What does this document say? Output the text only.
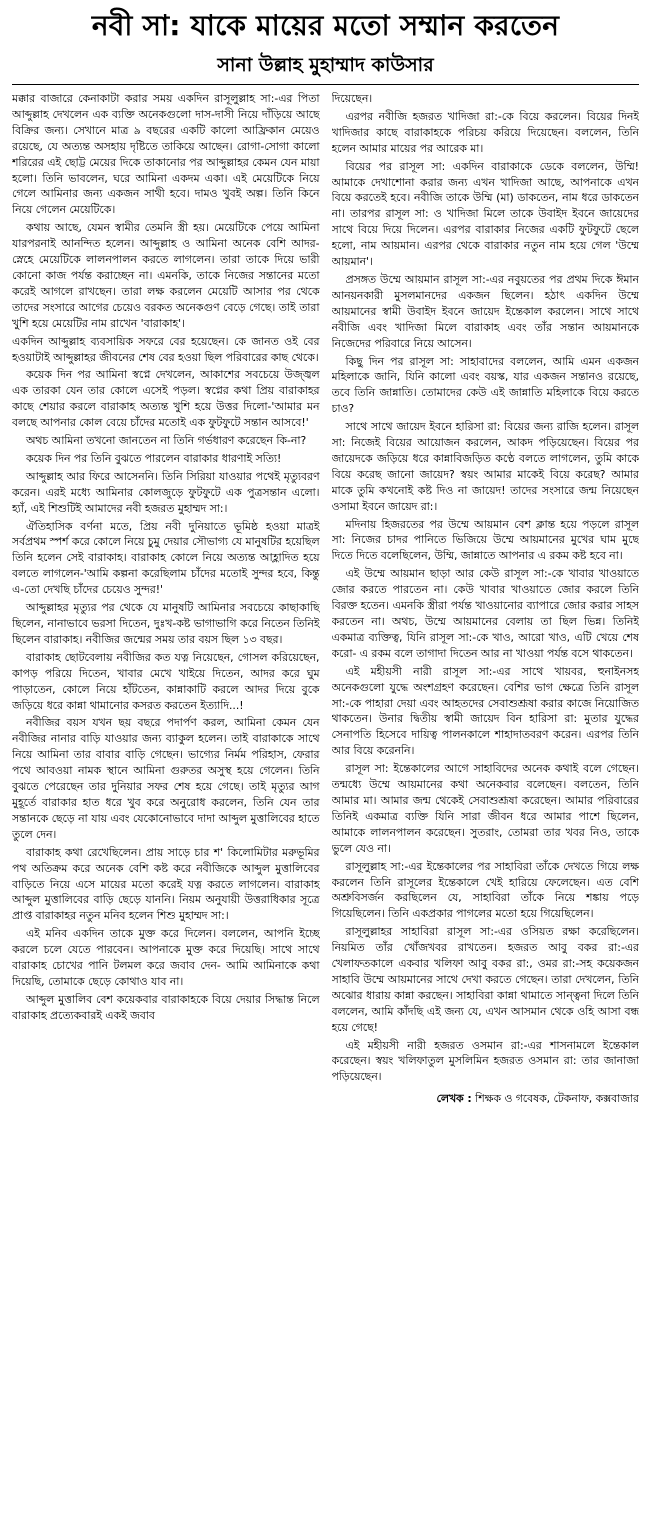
নবী সা: যাকে মায়ের মতো সম্মান করতেন
সানা উল্লাহ মুহাম্মাদ কাউসার

মক্কার বাজারে কেনাকাটা করার সময় একদিন রাসূলুল্লাহ সা:-এর পিতা আব্দুল্লাহ দেখলেন এক ব্যক্তি অনেকগুলো দাস-দাসী নিয়ে দাঁড়িয়ে আছে বিক্রির জন্য। সেখানে মাত্র ৯ বছরের একটি কালো আফ্রিকান মেয়েও রয়েছে, যে অত্যন্ত অসহায় দৃষ্টিতে তাকিয়ে আছেন। রোগা-সোগা কালো শরিরের এই ছোট্ট মেয়ের দিকে তাকানোর পর আব্দুল্লাহর কেমন যেন মায়া হলো। তিনি ভাবলেন, ঘরে আমিনা একদম একা। এই মেয়েটিকে নিয়ে গেলে আমিনার জন্য একজন সাথী হবে। দামও খুবই অল্প। তিনি কিনে নিয়ে গেলেন মেয়েটিকে।

কথায় আছে, যেমন স্বামীর তেমনি স্ত্রী হয়। মেয়েটিকে পেয়ে আমিনা যারপরনাই আনন্দিত হলেন। আব্দুল্লাহ ও আমিনা অনেক বেশি আদর-স্নেহে মেয়েটিকে লালনপালন করতে লাগলেন। তারা তাকে দিয়ে ভারী কোনো কাজ পর্যন্ত করাচ্ছেন না। এমনকি, তাকে নিজের সন্তানের মতো করেই আগলে রাখছেন। তারা লক্ষ করলেন মেয়েটি আসার পর থেকে তাদের সংসারে আগের চেয়েও বরকত অনেকগুণ বেড়ে গেছে। তাই তারা খুশি হয়ে মেয়েটির নাম রাখেন 'বারাকাহ'।

একদিন আব্দুল্লাহ ব্যবসায়িক সফরে বের হয়েছেন। কে জানত ওই বের হওয়াটাই আব্দুল্লাহর জীবনের শেষ বের হওয়া ছিল পরিবারের কাছ থেকে।

কয়েক দিন পর আমিনা স্বপ্নে দেখলেন, আকাশের সবচেয়ে উজ্জ্বল এক তারকা যেন তার কোলে এসেই পড়ল। স্বপ্নের কথা প্রিয় বারাকাহর কাছে শেয়ার করলে বারাকাহ অত্যন্ত খুশি হয়ে উত্তর দিলো-'আমার মন বলছে আপনার কোল বেয়ে চাঁদের মতোই এক ফুটফুটে সন্তান আসবে!'

অথচ আমিনা তখনো জানতেন না তিনি গর্ভধারণ করেছেন কি-না?

কয়েক দিন পর তিনি বুঝতে পারলেন বারাকার ধারণাই সত্যি!

আব্দুল্লাহ আর ফিরে আসেননি। তিনি সিরিয়া যাওয়ার পথেই মৃত্যুবরণ করেন। এরই মধ্যে আমিনার কোলজুড়ে ফুটফুটে এক পুত্রসন্তান এলো। হ্যাঁ, এই শিশুটিই আমাদের নবী হজরত মুহাম্মদ সা:।

ঐতিহাসিক বর্ণনা মতে, প্রিয় নবী দুনিয়াতে ভূমিষ্ঠ হওয়া মাত্রই সর্বপ্রথম স্পর্শ করে কোলে নিয়ে চুমু দেয়ার সৌভাগ্য যে মানুষটির হয়েছিল তিনি হলেন সেই বারাকাহ। বারাকাহ কোলে নিয়ে অত্যন্ত আহ্লাদিত হয়ে বলতে লাগলেন-'আমি কল্পনা করেছিলাম চাঁদের মতোই সুন্দর হবে, কিন্তু এ-তো দেখছি চাঁদের চেয়েও সুন্দর!'

আব্দুল্লাহর মৃত্যুর পর থেকে যে মানুষটি আমিনার সবচেয়ে কাছাকাছি ছিলেন, নানাভাবে ভরসা দিতেন, দুঃখ-কষ্ট ভাগাভাগি করে নিতেন তিনিই ছিলেন বারাকাহ। নবীজির জন্মের সময় তার বয়স ছিল ১৩ বছর।

বারাকাহ ছোটবেলায় নবীজির কত যত্ন নিয়েছেন, গোসল করিয়েছেন, কাপড় পরিয়ে দিতেন, খাবার মেখে খাইয়ে দিতেন, আদর করে ঘুম পাড়াতেন, কোলে নিয়ে হাঁটতেন, কান্নাকাটি করলে আদর দিয়ে বুকে জড়িয়ে ধরে কান্না থামানোর কসরত করতেন ইত্যাদি...!

নবীজির বয়স যখন ছয় বছরে পদার্পণ করল, আমিনা কেমন যেন নবীজির নানার বাড়ি যাওয়ার জন্য ব্যাকুল হলেন। তাই বারাকাকে সাথে নিয়ে আমিনা তার বাবার বাড়ি গেছেন। ভাগ্যের নির্মম পরিহাস, ফেরার পথে আবওয়া নামক স্থানে আমিনা গুরুতর অসুস্থ হয়ে গেলেন। তিনি বুঝতে পেরেছেন তার দুনিয়ার সফর শেষ হয়ে গেছে। তাই মৃত্যুর আগ মুহূর্তে বারাকার হাত ধরে খুব করে অনুরোধ করলেন, তিনি যেন তার সন্তানকে ছেড়ে না যায় এবং যেকোনোভাবে দাদা আব্দুল মুত্তালিবের হাতে তুলে দেন।

বারাকাহ কথা রেখেছিলেন। প্রায় সাড়ে চার শ' কিলোমিটার মরুভূমির পথ অতিক্রম করে অনেক বেশি কষ্ট করে নবীজিকে আব্দুল মুত্তালিবের বাড়িতে নিয়ে এসে মায়ের মতো করেই যত্ন করতে লাগলেন। বারাকাহ আব্দুল মুত্তালিবের বাড়ি ছেড়ে যাননি। নিয়ম অনুযায়ী উত্তরাধিকার সূত্রে প্রাপ্ত বারাকাহর নতুন মনিব হলেন শিশু মুহাম্মদ সা:।

এই মনিব একদিন তাকে মুক্ত করে দিলেন। বললেন, আপনি ইচ্ছে করলে চলে যেতে পারবেন। আপনাকে মুক্ত করে দিয়েছি। সাথে সাথে বারাকাহ চোখের পানি টলমল করে জবাব দেন- আমি আমিনাকে কথা দিয়েছি, তোমাকে ছেড়ে কোথাও যাব না।

আব্দুল মুত্তালিব বেশ কয়েকবার বারাকাহকে বিয়ে দেয়ার সিদ্ধান্ত নিলে বারাকাহ প্রত্যেকবারই একই জবাব

দিয়েছেন।

এরপর নবীজি হজরত খাদিজা রা:-কে বিয়ে করলেন। বিয়ের দিনই খাদিজার কাছে বারাকাহকে পরিচয় করিয়ে দিয়েছেন। বললেন, তিনি হলেন আমার মায়ের পর আরেক মা।

বিয়ের পর রাসূল সা: একদিন বারাকাকে ডেকে বললেন, উম্মি! আমাকে দেখাশোনা করার জন্য এখন খাদিজা আছে, আপনাকে এখন বিয়ে করতেই হবে। নবীজি তাকে উম্মি (মা) ডাকতেন, নাম ধরে ডাকতেন না। তারপর রাসূল সা: ও খাদিজা মিলে তাকে উবাইদ ইবনে জায়েদের সাথে বিয়ে দিয়ে দিলেন। এরপর বারাকার নিজের একটি ফুটফুটে ছেলে হলো, নাম আয়মান। এরপর থেকে বারাকার নতুন নাম হয়ে গেল 'উম্মে আয়মান'।

প্রসঙ্গত উম্মে আয়মান রাসূল সা:-এর নবুয়তের পর প্রথম দিকে ঈমান আনয়নকারী মুসলমানদের একজন ছিলেন। হঠাৎ একদিন উম্মে আয়মানের স্বামী উবাইদ ইবনে জায়েদ ইন্তেকাল করলেন। সাথে সাথে নবীজি এবং খাদিজা মিলে বারাকাহ এবং তাঁর সন্তান আয়মানকে নিজেদের পরিবারে নিয়ে আসেন।

কিছু দিন পর রাসূল সা: সাহাবাদের বললেন, আমি এমন একজন মহিলাকে জানি, যিনি কালো এবং বয়স্ক, যার একজন সন্তানও রয়েছে, তবে তিনি জান্নাতি। তোমাদের কেউ এই জান্নাতি মহিলাকে বিয়ে করতে চাও?

সাথে সাথে জায়েদ ইবনে হারিসা রা: বিয়ের জন্য রাজি হলেন। রাসূল সা: নিজেই বিয়ের আয়োজন করলেন, আকদ পড়িয়েছেন। বিয়ের পর জায়েদকে জড়িয়ে ধরে কান্নাবিজড়িত কণ্ঠে বলতে লাগলেন, তুমি কাকে বিয়ে করেছ জানো জায়েদ? স্বয়ং আমার মাকেই বিয়ে করেছ? আমার মাকে তুমি কখনোই কষ্ট দিও না জায়েদ! তাদের সংসারে জন্ম নিয়েছেন ওসামা ইবনে জায়েদ রা:।

মদিনায় হিজরতের পর উম্মে আয়মান বেশ ক্লান্ত হয়ে পড়লে রাসূল সা: নিজের চাদর পানিতে ভিজিয়ে উম্মে আয়মানের মুখের ঘাম মুছে দিতে দিতে বলেছিলেন, উম্মি, জান্নাতে আপনার এ রকম কষ্ট হবে না।

এই উম্মে আয়মান ছাড়া আর কেউ রাসূল সা:-কে খাবার খাওয়াতে জোর করতে পারতেন না। কেউ খাবার খাওয়াতে জোর করলে তিনি বিরক্ত হতেন। এমনকি স্ত্রীরা পর্যন্ত খাওয়ানোর ব্যাপারে জোর করার সাহস করতেন না। অথচ, উম্মে আয়মানের বেলায় তা ছিল ভিন্ন। তিনিই একমাত্র ব্যক্তিত্ব, যিনি রাসূল সা:-কে খাও, আরো খাও, এটি খেয়ে শেষ করো- এ রকম বলে তাগাদা দিতেন আর না খাওয়া পর্যন্ত বসে থাকতেন।

এই মহীয়সী নারী রাসূল সা:-এর সাথে খায়বর, হুনাইনসহ অনেকগুলো যুদ্ধে অংশগ্রহণ করেছেন। বেশির ভাগ ক্ষেত্রে তিনি রাসূল সা:-কে পাহারা দেয়া এবং আহতদের সেবাশুশ্রূষা করার কাজে নিয়োজিত থাকতেন। উনার দ্বিতীয় স্বামী জায়েদ বিন হারিসা রা: মুতার যুদ্ধের সেনাপতি হিসেবে দায়িত্ব পালনকালে শাহাদাতবরণ করেন। এরপর তিনি আর বিয়ে করেননি।

রাসূল সা: ইন্তেকালের আগে সাহাবিদের অনেক কথাই বলে গেছেন। তন্মধ্যে উম্মে আয়মানের কথা অনেকবার বলেছেন। বলতেন, তিনি আমার মা। আমার জন্ম থেকেই সেবাশুশ্রূষা করেছেন। আমার পরিবারের তিনিই একমাত্র ব্যক্তি যিনি সারা জীবন ধরে আমার পাশে ছিলেন, আমাকে লালনপালন করেছেন। সুতরাং, তোমরা তার খবর নিও, তাকে ভুলে যেও না।

রাসূলুল্লাহ সা:-এর ইন্তেকালের পর সাহাবিরা তাঁকে দেখতে গিয়ে লক্ষ করলেন তিনি রাসূলের ইন্তেকালে খেই হারিয়ে ফেলেছেন। এত বেশি অশ্রুবিসর্জন করছিলেন যে, সাহাবিরা তাঁকে নিয়ে শঙ্কায় পড়ে গিয়েছিলেন। তিনি একপ্রকার পাগলের মতো হয়ে গিয়েছিলেন।

রাসূলুল্লাহর সাহাবিরা রাসূল সা:-এর ওসিয়ত রক্ষা করেছিলেন। নিয়মিত তাঁর খোঁজখবর রাখতেন। হজরত আবু বকর রা:-এর খেলাফতকালে একবার খলিফা আবু বকর রা:, ওমর রা:-সহ কয়েকজন সাহাবি উম্মে আয়মানের সাথে দেখা করতে গেছেন। তারা দেখলেন, তিনি অঝোর ধারায় কান্না করছেন। সাহাবিরা কান্না থামাতে সান্ত্বনা দিলে তিনি বললেন, আমি কাঁদছি এই জন্য যে, এখন আসমান থেকে ওহি আসা বন্ধ হয়ে গেছে!

এই মহীয়সী নারী হজরত ওসমান রা:-এর শাসনামলে ইন্তেকাল করেছেন। স্বয়ং খলিফাতুল মুসলিমিন হজরত ওসমান রা: তার জানাজা পড়িয়েছেন।

লেখক : শিক্ষক ও গবেষক, টেকনাফ, কক্সবাজার
